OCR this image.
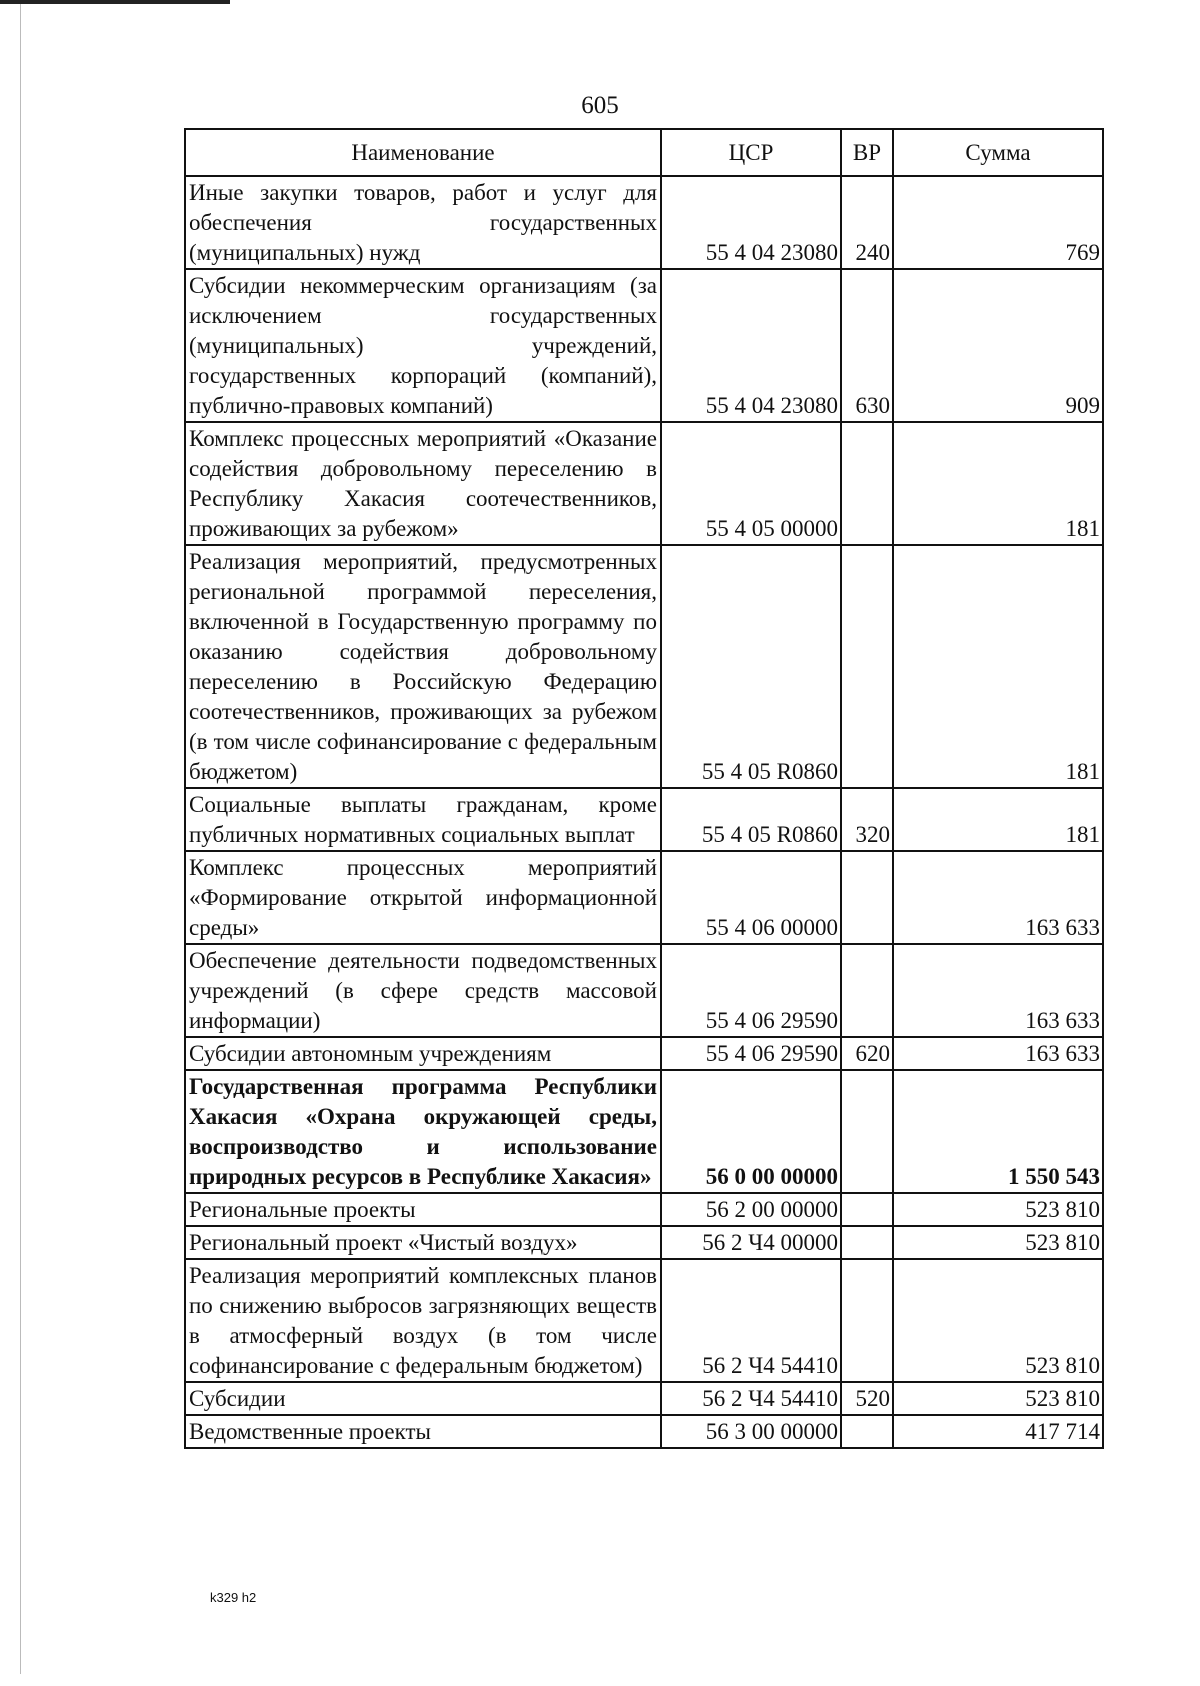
605
Наименование	ЦСР	ВР	Сумма
Иные закупки товаров, работ и услуг для обеспечения государственных (муниципальных) нужд	55 4 04 23080	240	769
Субсидии некоммерческим организациям (за исключением государственных (муниципальных) учреждений, государственных корпораций (компаний), публично-правовых компаний)	55 4 04 23080	630	909
Комплекс процессных мероприятий «Оказание содействия добровольному переселению в Республику Хакасия соотечественников, проживающих за рубежом»	55 4 05 00000		181
Реализация мероприятий, предусмотренных региональной программой переселения, включенной в Государственную программу по оказанию содействия добровольному переселению в Российскую Федерацию соотечественников, проживающих за рубежом (в том числе софинансирование с федеральным бюджетом)	55 4 05 R0860		181
Социальные выплаты гражданам, кроме публичных нормативных социальных выплат	55 4 05 R0860	320	181
Комплекс процессных мероприятий «Формирование открытой информационной среды»	55 4 06 00000		163 633
Обеспечение деятельности подведомственных учреждений (в сфере средств массовой информации)	55 4 06 29590		163 633
Субсидии автономным учреждениям	55 4 06 29590	620	163 633
Государственная программа Республики Хакасия «Охрана окружающей среды, воспроизводство и использование природных ресурсов в Республике Хакасия»	56 0 00 00000		1 550 543
Региональные проекты	56 2 00 00000		523 810
Региональный проект «Чистый воздух»	56 2 Ч4 00000		523 810
Реализация мероприятий комплексных планов по снижению выбросов загрязняющих веществ в атмосферный воздух (в том числе софинансирование с федеральным бюджетом)	56 2 Ч4 54410		523 810
Субсидии	56 2 Ч4 54410	520	523 810
Ведомственные проекты	56 3 00 00000		417 714
k329 h2
